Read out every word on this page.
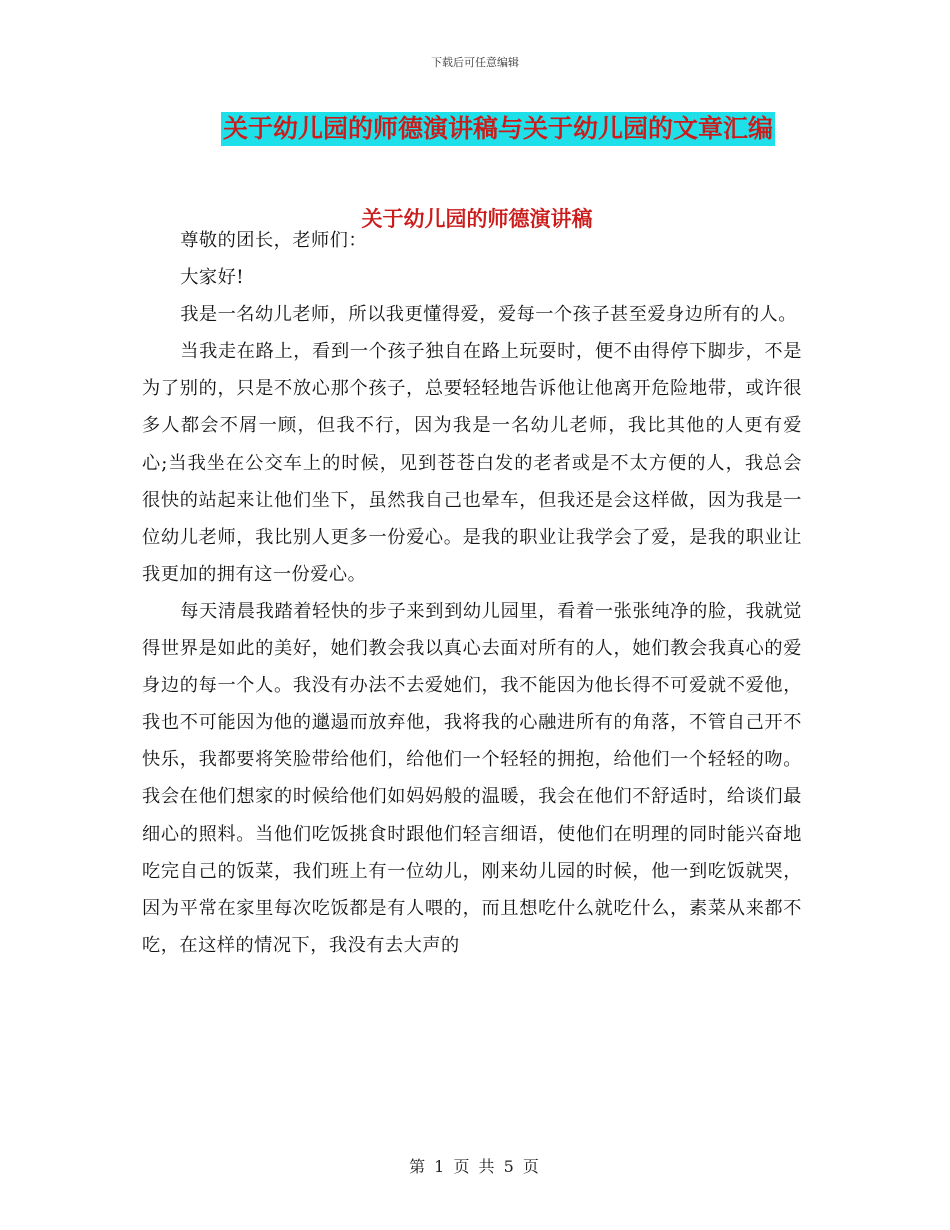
下载后可任意编辑
关于幼儿园的师德演讲稿与关于幼儿园的文章汇编
关于幼儿园的师德演讲稿

尊敬的团长，老师们：

大家好!

我是一名幼儿老师，所以我更懂得爱，爱每一个孩子甚至爱身边所有的人。

当我走在路上，看到一个孩子独自在路上玩耍时，便不由得停下脚步，不是为了别的，只是不放心那个孩子，总要轻轻地告诉他让他离开危险地带，或许很多人都会不屑一顾，但我不行，因为我是一名幼儿老师，我比其他的人更有爱心;当我坐在公交车上的时候，见到苍苍白发的老者或是不太方便的人，我总会很快的站起来让他们坐下，虽然我自己也晕车，但我还是会这样做，因为我是一位幼儿老师，我比别人更多一份爱心。是我的职业让我学会了爱，是我的职业让我更加的拥有这一份爱心。

每天清晨我踏着轻快的步子来到到幼儿园里，看着一张张纯净的脸，我就觉得世界是如此的美好，她们教会我以真心去面对所有的人，她们教会我真心的爱身边的每一个人。我没有办法不去爱她们，我不能因为他长得不可爱就不爱他，我也不可能因为他的邋遢而放弃他，我将我的心融进所有的角落，不管自己开不快乐，我都要将笑脸带给他们，给他们一个轻轻的拥抱，给他们一个轻轻的吻。我会在他们想家的时候给他们如妈妈般的温暖，我会在他们不舒适时，给谈们最细心的照料。当他们吃饭挑食时跟他们轻言细语，使他们在明理的同时能兴奋地吃完自己的饭菜，我们班上有一位幼儿，刚来幼儿园的时候，他一到吃饭就哭，因为平常在家里每次吃饭都是有人喂的，而且想吃什么就吃什么，素菜从来都不吃，在这样的情况下，我没有去大声的

第 1 页 共 5 页
